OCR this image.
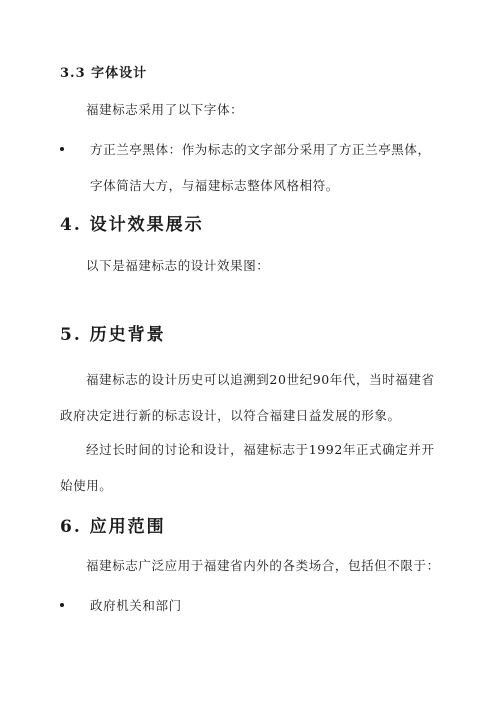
3.3 字体设计

福建标志采用了以下字体：

方正兰亭黑体：作为标志的文字部分采用了方正兰亭黑体，
字体简洁大方，与福建标志整体风格相符。
4. 设计效果展示

以下是福建标志的设计效果图：

5. 历史背景

福建标志的设计历史可以追溯到20世纪90年代，当时福建省政府决定进行新的标志设计，以符合福建日益发展的形象。

经过长时间的讨论和设计，福建标志于1992年正式确定并开始使用。

6. 应用范围

福建标志广泛应用于福建省内外的各类场合，包括但不限于：

政府机关和部门
